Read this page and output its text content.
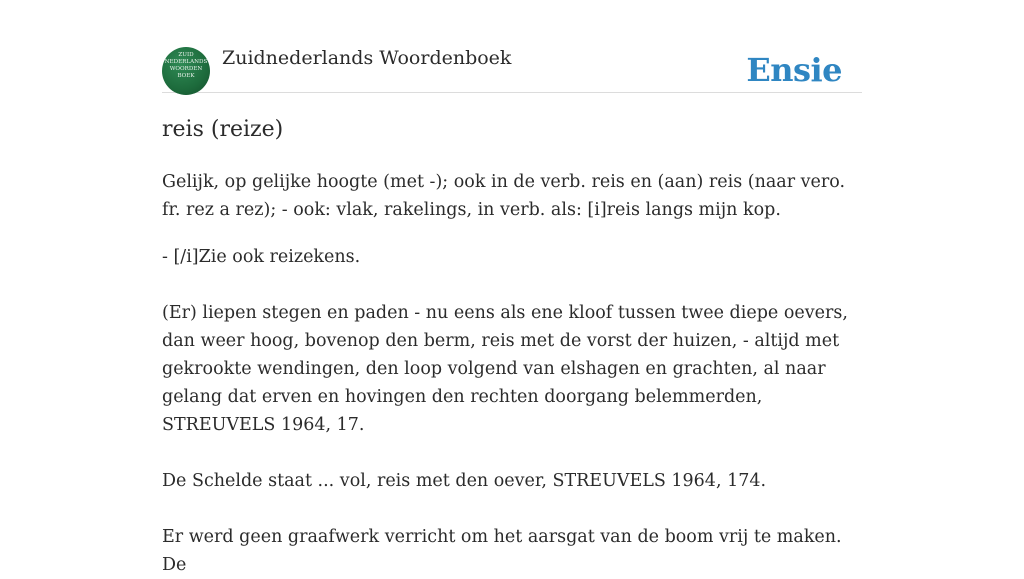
ZUID
NEDERLANDS
WOORDEN
BOEK
Zuidnederlands Woordenboek	Ensie
reis (reize)

Gelijk, op gelijke hoogte (met -); ook in de verb. reis en (aan) reis (naar vero. fr. rez a rez); - ook: vlak, rakelings, in verb. als: [i]reis langs mijn kop.

- [/i]Zie ook reizekens.

(Er) liepen stegen en paden - nu eens als ene kloof tussen twee diepe oevers, dan weer hoog, bovenop den berm, reis met de vorst der huizen, - altijd met gekrookte wendingen, den loop volgend van elshagen en grachten, al naar gelang dat erven en hovingen den rechten doorgang belemmerden, STREUVELS 1964, 17.

De Schelde staat ... vol, reis met den oever, STREUVELS 1964, 174.

Er werd geen graafwerk verricht om het aarsgat van de boom vrij te maken. De
